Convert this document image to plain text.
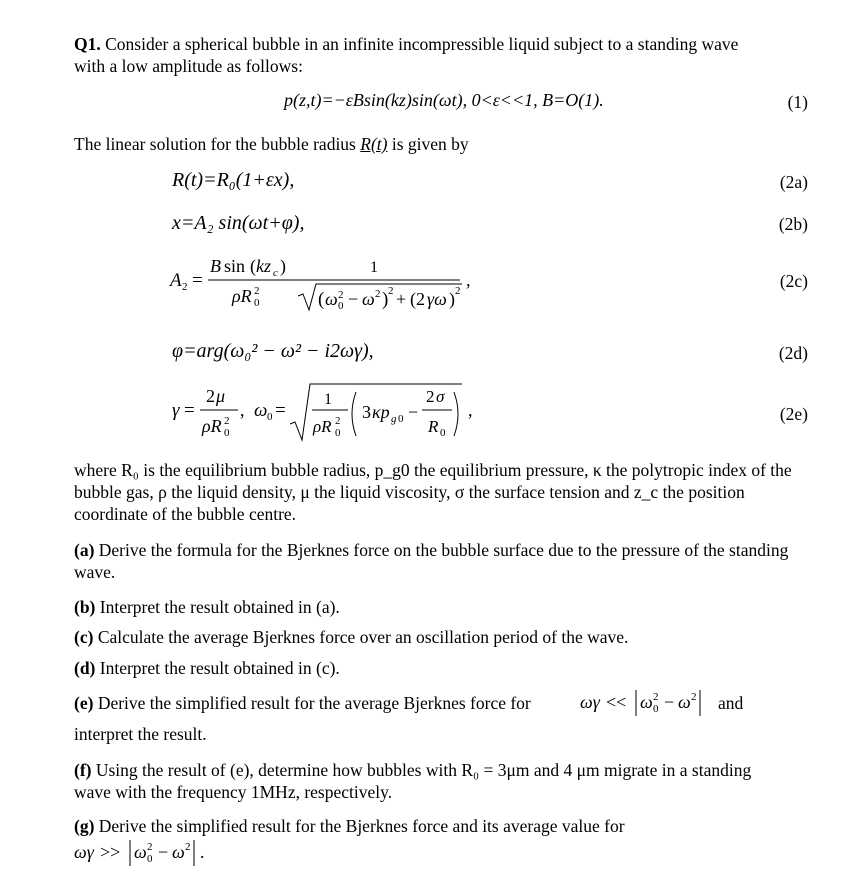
Q1. Consider a spherical bubble in an infinite incompressible liquid subject to a standing wave
with a low amplitude as follows:
p(z,t)=−εBsin(kz)sin(ωt), 0<ε<<1, B=O(1).	(1)
The linear solution for the bubble radius R(t) is given by
R(t)=R₀(1+εx),	(2a)
x=A₂ sin(ωt+φ),	(2b)
A 2 =
B sin ( kz c )
ρR 2
0
1
( ω 2
0 − ω 2 ) 2 + (2 γω ) 2
,	(2c)
φ=arg(ω₀² − ω² − i2ωγ),	(2d)
γ =
2 μ
ρR 2
0
, ω 0 =
1
ρR 2
0
3 κp g 0 −
2 σ
R 0
,	(2e)
where R₀ is the equilibrium bubble radius, p_g0 the equilibrium pressure, κ the polytropic index of the bubble gas, ρ the liquid density, μ the liquid viscosity, σ the surface tension and z_c the position coordinate of the bubble centre.
(a) Derive the formula for the Bjerknes force on the bubble surface due to the pressure of the standing wave.
(b) Interpret the result obtained in (a).
(c) Calculate the average Bjerknes force over an oscillation period of the wave.
(d) Interpret the result obtained in (c).
(e) Derive the simplified result for the average Bjerknes force for	ωγ << ω 2
0 − ω 2 and
interpret the result.
(f) Using the result of (e), determine how bubbles with R₀ = 3μm and 4 μm migrate in a standing wave with the frequency 1MHz, respectively.
(g) Derive the simplified result for the Bjerknes force and its average value for
ωγ >> ω 2
0 − ω 2 .
